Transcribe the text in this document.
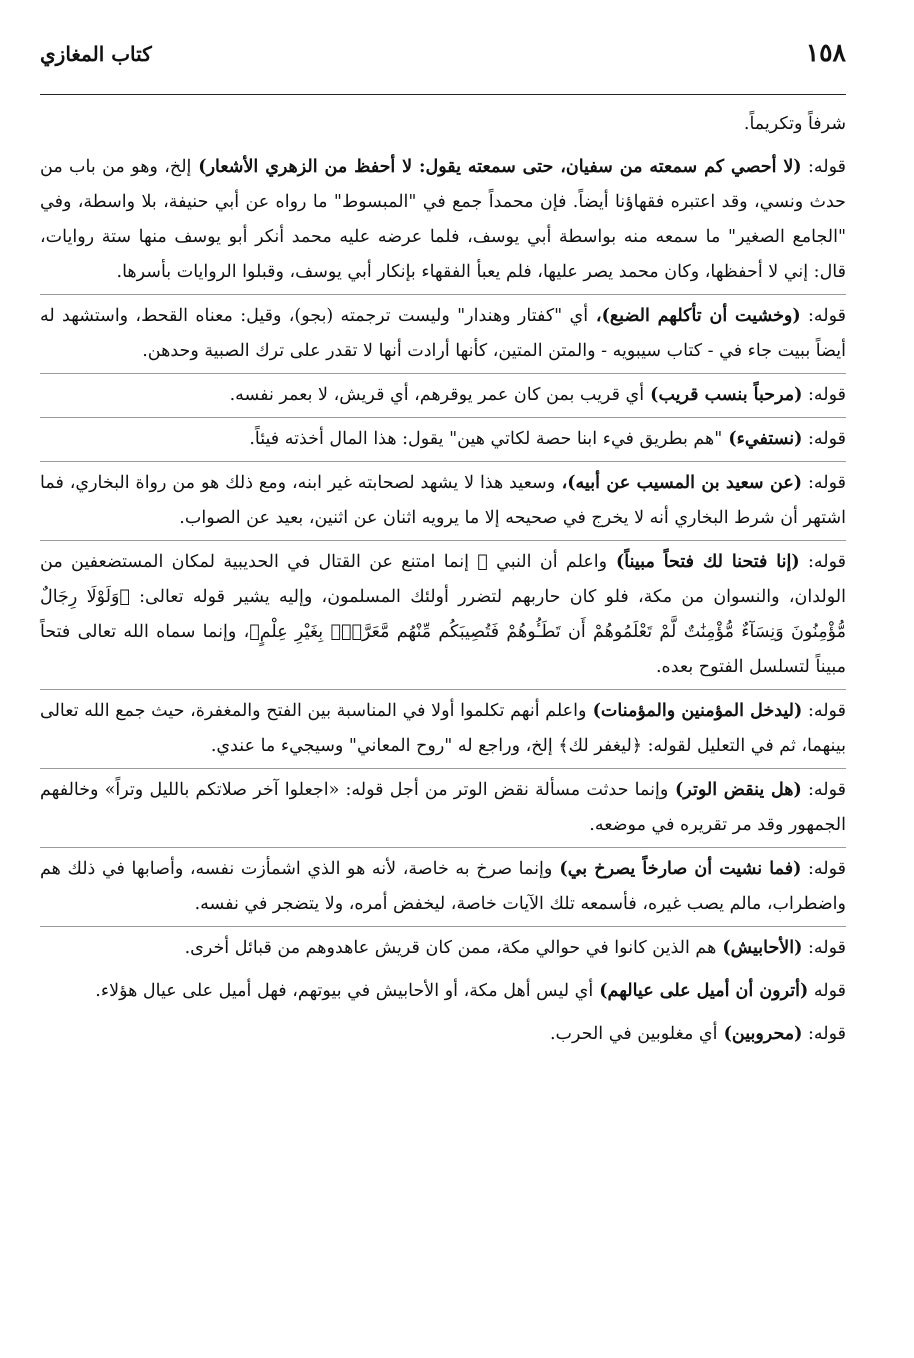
١٥٨
كتاب المغازي

شرفاً وتكريماً.

قوله: (لا أحصي كم سمعته من سفيان، حتى سمعته يقول: لا أحفظ من الزهري الأشعار) إلخ، وهو من باب من حدث ونسي، وقد اعتبره فقهاؤنا أيضاً. فإن محمداً جمع في "المبسوط" ما رواه عن أبي حنيفة، بلا واسطة، وفي "الجامع الصغير" ما سمعه منه بواسطة أبي يوسف، فلما عرضه عليه محمد أنكر أبو يوسف منها ستة روايات، قال: إني لا أحفظها، وكان محمد يصر عليها، فلم يعبأ الفقهاء بإنكار أبي يوسف، وقبلوا الروايات بأسرها.

قوله: (وخشيت أن تأكلهم الضبع)، أي "كفتار وهندار" وليست ترجمته (بجو)، وقيل: معناه القحط، واستشهد له أيضاً ببيت جاء في - كتاب سيبويه - والمتن المتين، كأنها أرادت أنها لا تقدر على ترك الصبية وحدهن.

قوله: (مرحباً بنسب قريب) أي قريب بمن كان عمر يوقرهم، أي قريش، لا بعمر نفسه.

قوله: (نستفيء) "هم بطريق فيء ابنا حصة لكاتي هين" يقول: هذا المال أخذته فيئاً.

قوله: (عن سعيد بن المسيب عن أبيه)، وسعيد هذا لا يشهد لصحابته غير ابنه، ومع ذلك هو من رواة البخاري، فما اشتهر أن شرط البخاري أنه لا يخرج في صحيحه إلا ما يرويه اثنان عن اثنين، بعيد عن الصواب.

قوله: (إنا فتحنا لك فتحاً مبيناً) واعلم أن النبي ﷺ إنما امتنع عن القتال في الحديبية لمكان المستضعفين من الولدان، والنسوان من مكة، فلو كان حاربهم لتضرر أولئك المسلمون، وإليه يشير قوله تعالى: ﴿وَلَوْلَا رِجَالٌ مُّؤْمِنُونَ وَنِسَآءٌ مُّؤْمِنَٰتٌ لَّمْ تَعْلَمُوهُمْ أَن تَطَـُٔوهُمْ فَتُصِيبَكُم مِّنْهُم مَّعَرَّةٌۢ بِغَيْرِ عِلْمٍ﴾، وإنما سماه الله تعالى فتحاً مبيناً لتسلسل الفتوح بعده.

قوله: (ليدخل المؤمنين والمؤمنات) واعلم أنهم تكلموا أولا في المناسبة بين الفتح والمغفرة، حيث جمع الله تعالى بينهما، ثم في التعليل لقوله: ﴿ليغفر لك﴾ إلخ، وراجع له "روح المعاني" وسيجيء ما عندي.

قوله: (هل ينقض الوتر) وإنما حدثت مسألة نقض الوتر من أجل قوله: «اجعلوا آخر صلاتكم بالليل وتراً» وخالفهم الجمهور وقد مر تقريره في موضعه.

قوله: (فما نشيت أن صارخاً يصرخ بي) وإنما صرخ به خاصة، لأنه هو الذي اشمأزت نفسه، وأصابها في ذلك هم واضطراب، مالم يصب غيره، فأسمعه تلك الآيات خاصة، ليخفض أمره، ولا يتضجر في نفسه.

قوله: (الأحابيش) هم الذين كانوا في حوالي مكة، ممن كان قريش عاهدوهم من قبائل أخرى.

قوله (أترون أن أميل على عيالهم) أي ليس أهل مكة، أو الأحابيش في بيوتهم، فهل أميل على عيال هؤلاء.

قوله: (محروبين) أي مغلوبين في الحرب.
